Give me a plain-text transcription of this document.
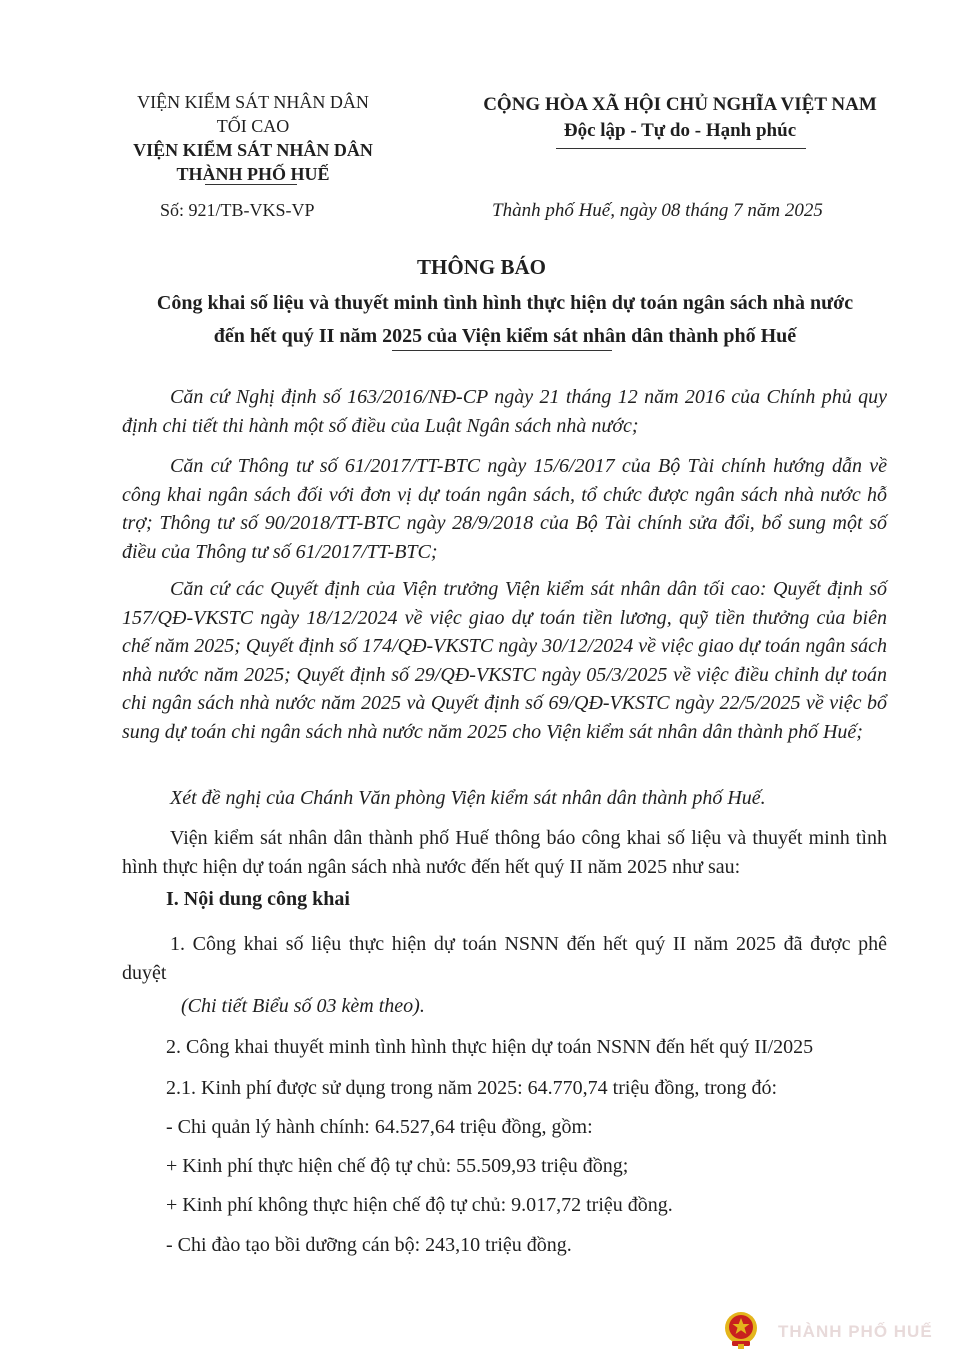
VIỆN KIỂM SÁT NHÂN DÂN
TỐI CAO
VIỆN KIỂM SÁT NHÂN DÂN
THÀNH PHỐ HUẾ
Số: 921/TB-VKS-VP
CỘNG HÒA XÃ HỘI CHỦ NGHĨA VIỆT NAM
Độc lập - Tự do - Hạnh phúc
Thành phố Huế, ngày 08 tháng 7 năm 2025
THÔNG BÁO
Công khai số liệu và thuyết minh tình hình thực hiện dự toán ngân sách nhà nước
đến hết quý II năm 2025 của Viện kiểm sát nhân dân thành phố Huế
Căn cứ Nghị định số 163/2016/NĐ-CP ngày 21 tháng 12 năm 2016 của Chính phủ quy định chi tiết thi hành một số điều của Luật Ngân sách nhà nước;
Căn cứ Thông tư số 61/2017/TT-BTC ngày 15/6/2017 của Bộ Tài chính hướng dẫn về công khai ngân sách đối với đơn vị dự toán ngân sách, tổ chức được ngân sách nhà nước hỗ trợ; Thông tư số 90/2018/TT-BTC ngày 28/9/2018 của Bộ Tài chính sửa đổi, bổ sung một số điều của Thông tư số 61/2017/TT-BTC;
Căn cứ các Quyết định của Viện trưởng Viện kiểm sát nhân dân tối cao: Quyết định số 157/QĐ-VKSTC ngày 18/12/2024 về việc giao dự toán tiền lương, quỹ tiền thưởng của biên chế năm 2025; Quyết định số 174/QĐ-VKSTC ngày 30/12/2024 về việc giao dự toán ngân sách nhà nước năm 2025; Quyết định số 29/QĐ-VKSTC ngày 05/3/2025 về việc điều chỉnh dự toán chi ngân sách nhà nước năm 2025 và Quyết định số 69/QĐ-VKSTC ngày 22/5/2025 về việc bổ sung dự toán chi ngân sách nhà nước năm 2025 cho Viện kiểm sát nhân dân thành phố Huế;
Xét đề nghị của Chánh Văn phòng Viện kiểm sát nhân dân thành phố Huế.
Viện kiểm sát nhân dân thành phố Huế thông báo công khai số liệu và thuyết minh tình hình thực hiện dự toán ngân sách nhà nước đến hết quý II năm 2025 như sau:
I. Nội dung công khai
1. Công khai số liệu thực hiện dự toán NSNN đến hết quý II năm 2025 đã được phê duyệt
(Chi tiết Biểu số 03 kèm theo).
2. Công khai thuyết minh tình hình thực hiện dự toán NSNN đến hết quý II/2025
2.1. Kinh phí được sử dụng trong năm 2025: 64.770,74 triệu đồng, trong đó:
- Chi quản lý hành chính: 64.527,64 triệu đồng, gồm:
+ Kinh phí thực hiện chế độ tự chủ: 55.509,93 triệu đồng;
+ Kinh phí không thực hiện chế độ tự chủ: 9.017,72 triệu đồng.
- Chi đào tạo bồi dưỡng cán bộ: 243,10 triệu đồng.
THÀNH PHỐ HUẾ
